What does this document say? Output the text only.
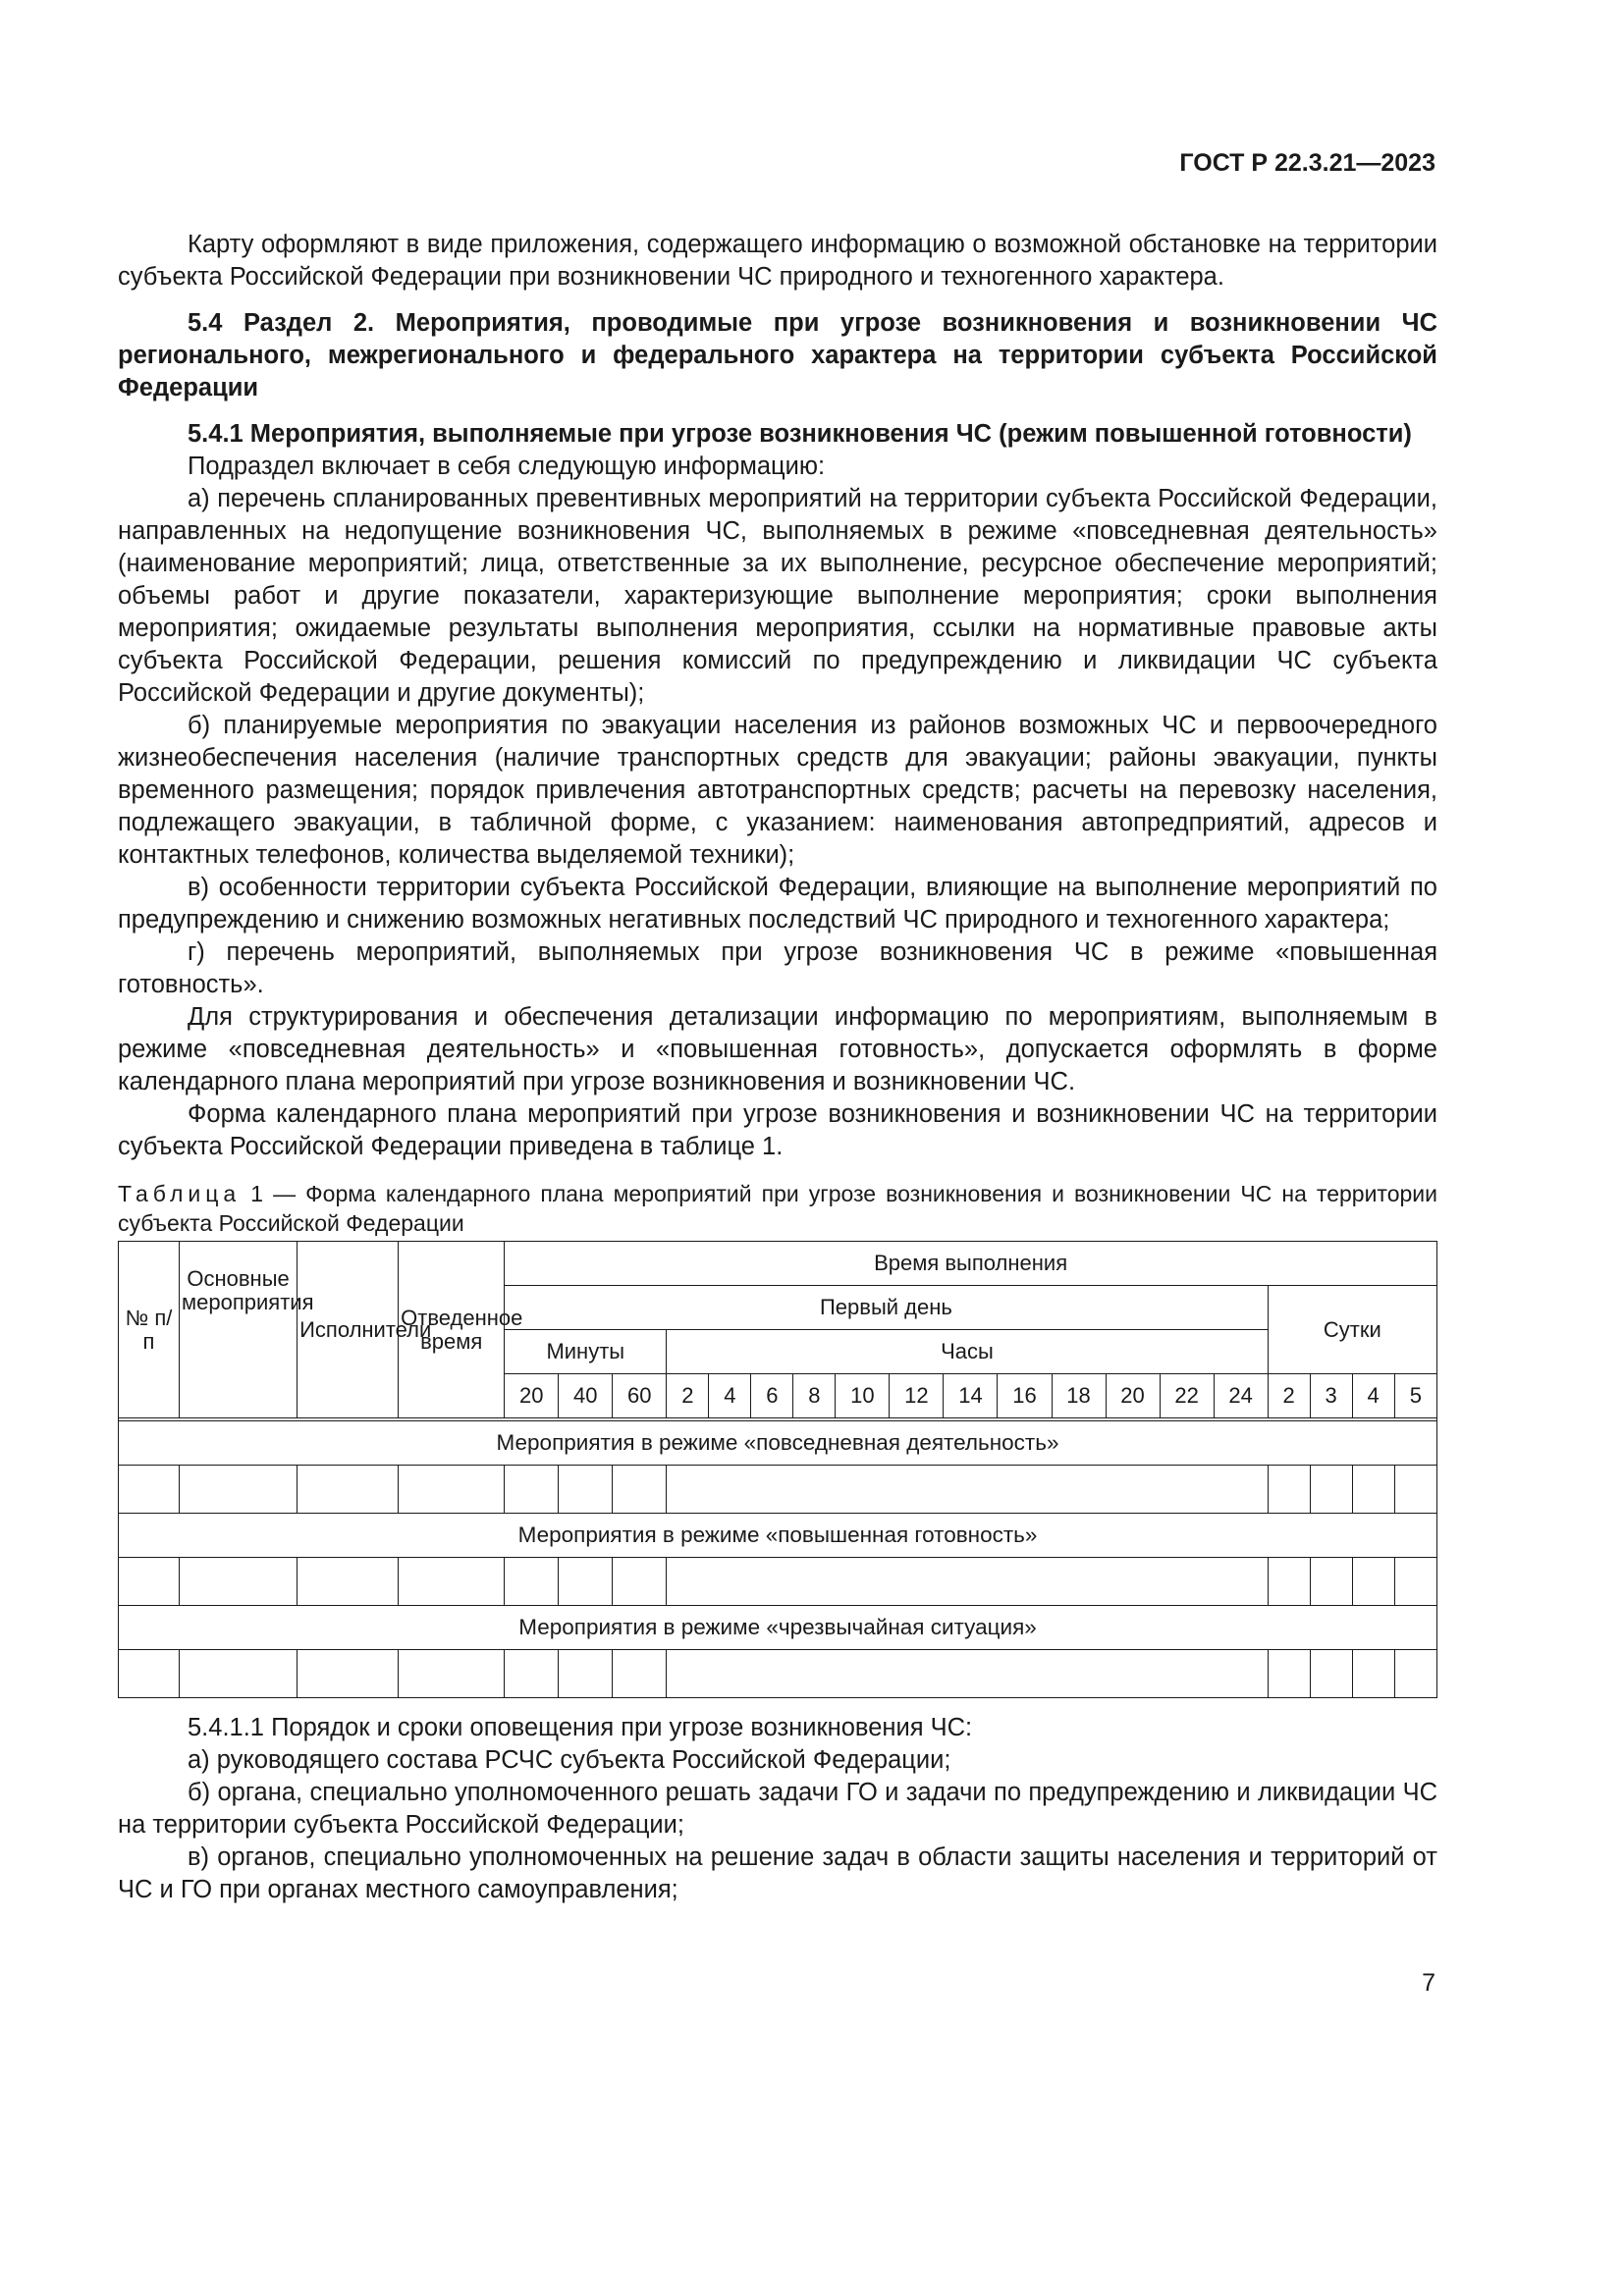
ГОСТ Р 22.3.21—2023

Карту оформляют в виде приложения, содержащего информацию о возможной обстановке на территории субъекта Российской Федерации при возникновении ЧС природного и техногенного характера.

5.4 Раздел 2. Мероприятия, проводимые при угрозе возникновения и возникновении ЧС регионального, межрегионального и федерального характера на территории субъекта Российской Федерации

5.4.1 Мероприятия, выполняемые при угрозе возникновения ЧС (режим повышенной готовности)

Подраздел включает в себя следующую информацию:

а) перечень спланированных превентивных мероприятий на территории субъекта Российской Федерации, направленных на недопущение возникновения ЧС, выполняемых в режиме «повседневная деятельность» (наименование мероприятий; лица, ответственные за их выполнение, ресурсное обеспечение мероприятий; объемы работ и другие показатели, характеризующие выполнение мероприятия; сроки выполнения мероприятия; ожидаемые результаты выполнения мероприятия, ссылки на нормативные правовые акты субъекта Российской Федерации, решения комиссий по предупреждению и ликвидации ЧС субъекта Российской Федерации и другие документы);

б) планируемые мероприятия по эвакуации населения из районов возможных ЧС и первоочередного жизнеобеспечения населения (наличие транспортных средств для эвакуации; районы эвакуации, пункты временного размещения; порядок привлечения автотранспортных средств; расчеты на перевозку населения, подлежащего эвакуации, в табличной форме, с указанием: наименования автопредприятий, адресов и контактных телефонов, количества выделяемой техники);

в) особенности территории субъекта Российской Федерации, влияющие на выполнение мероприятий по предупреждению и снижению возможных негативных последствий ЧС природного и техногенного характера;

г) перечень мероприятий, выполняемых при угрозе возникновения ЧС в режиме «повышенная готовность».

Для структурирования и обеспечения детализации информацию по мероприятиям, выполняемым в режиме «повседневная деятельность» и «повышенная готовность», допускается оформлять в форме календарного плана мероприятий при угрозе возникновения и возникновении ЧС.

Форма календарного плана мероприятий при угрозе возникновения и возникновении ЧС на территории субъекта Российской Федерации приведена в таблице 1.

Таблица 1 — Форма календарного плана мероприятий при угрозе возникновения и возникновении ЧС на территории субъекта Российской Федерации

№ п/п	Основные мероприятия	Исполнители	Отведенное время	Время выполнения																		
				Первый день															Сутки			
				Минуты			Часы															
				20	40	60	2	4	6	8	10	12	14	16	18	20	22	24	2	3	4	5

Мероприятия в режиме «повседневная деятельность»																						

Мероприятия в режиме «повышенная готовность»																						

Мероприятия в режиме «чрезвычайная ситуация»																						

5.4.1.1 Порядок и сроки оповещения при угрозе возникновения ЧС:

а) руководящего состава РСЧС субъекта Российской Федерации;

б) органа, специально уполномоченного решать задачи ГО и задачи по предупреждению и ликвидации ЧС на территории субъекта Российской Федерации;

в) органов, специально уполномоченных на решение задач в области защиты населения и территорий от ЧС и ГО при органах местного самоуправления;

7
